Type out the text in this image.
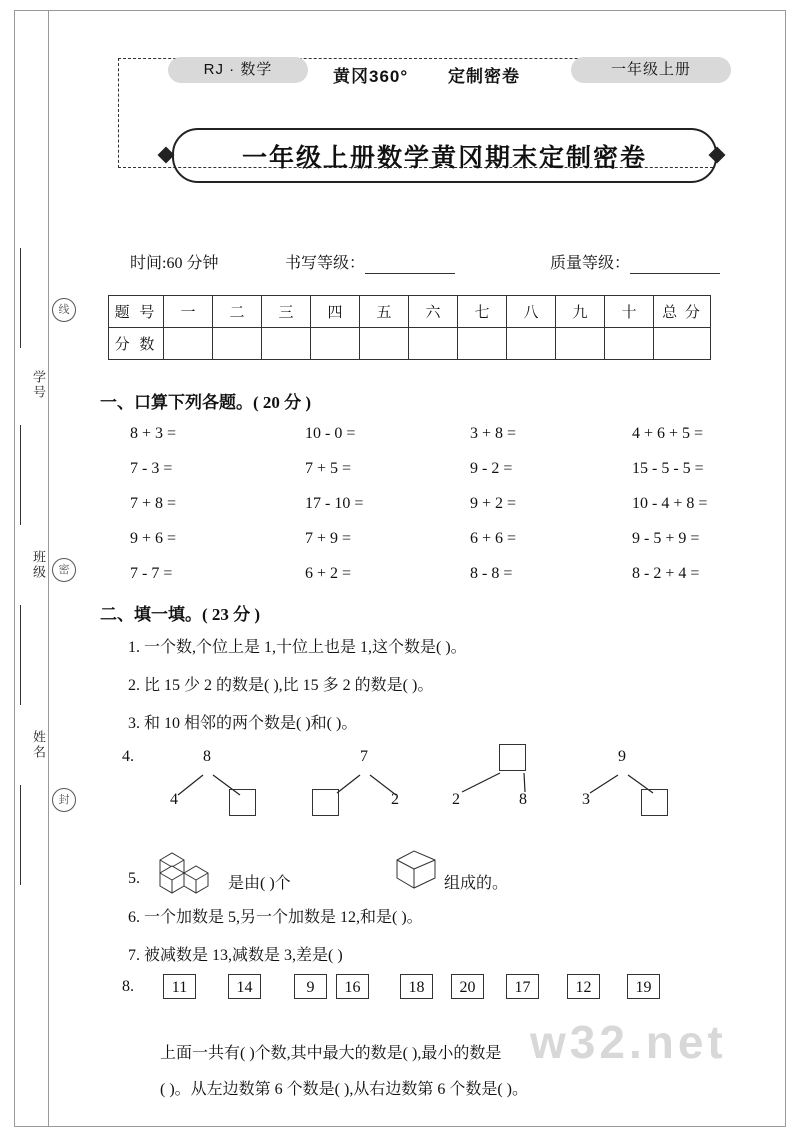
学号
班级
姓名
线
密
封
RJ · 数学	黄冈360° 定制密卷	一年级上册
一年级上册数学黄冈期末定制密卷
时间:60 分钟	书写等级：	质量等级：
题 号	一	二	三	四	五	六	七	八	九	十	总 分
分 数											
一、口算下列各题。( 20 分 )
8 + 3 =	10 - 0 =	3 + 8 =	4 + 6 + 5 =
7 - 3 =	7 + 5 =	9 - 2 =	15 - 5 - 5 =
7 + 8 =	17 - 10 =	9 + 2 =	10 - 4 + 8 =
9 + 6 =	7 + 9 =	6 + 6 =	9 - 5 + 9 =
7 - 7 =	6 + 2 =	8 - 8 =	8 - 2 + 4 =
二、填一填。( 23 分 )
1. 一个数,个位上是 1,十位上也是 1,这个数是( )。
2. 比 15 少 2 的数是( ),比 15 多 2 的数是( )。
3. 和 10 相邻的两个数是( )和( )。
4.	8
4
7
2	2	8
9
3
5.	是由( )个	组成的。
6. 一个加数是 5,另一个加数是 12,和是( )。
7. 被减数是 13,减数是 3,差是( )
8.	11	14	9	16	18	20	17	12	19
上面一共有( )个数,其中最大的数是( ),最小的数是
( )。从左边数第 6 个数是( ),从右边数第 6 个数是( )。
w32.net
